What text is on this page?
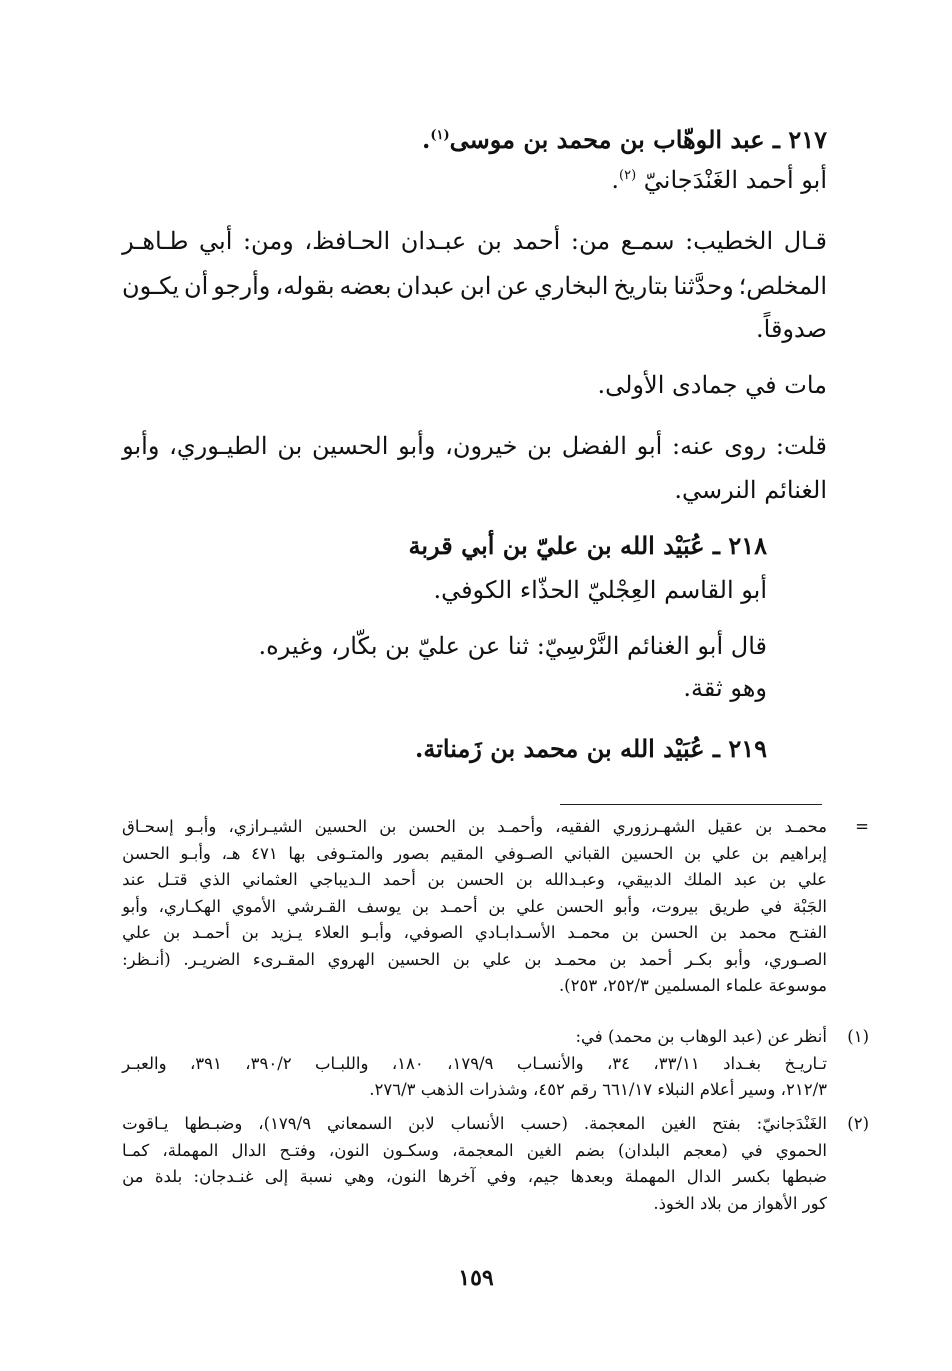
٢١٧ ـ عبد الوهّاب بن محمد بن موسى$^{(١)}$.
أبو أحمد الغَنْدَجانيّ $^{(٢)}$.
قـال
الخطيب:
سمـع
من:
أحمد
بن
عبـدان
الحـافظ،
ومن:
أبي
طـاهـر
المخلص؛
وحدَّثنا
بتاريخ
البخاري
عن
ابن
عبدان
بعضه
بقوله،
وأرجو
أن
يكـون
صدوقاً.
مات في جمادى الأولى.
قلت:
روى
عنه:
أبو
الفضل
بن
خيرون،
وأبو
الحسين
بن
الطيـوري،
وأبو
الغنائم النرسي.
٢١٨ ـ عُبَيْد الله بن عليّ بن أبي قربة
أبو القاسم العِجْليّ الحذّاء الكوفي.
قال أبو الغنائم النَّرْسِيّ: ثنا عن عليّ بن بكّار، وغيره.
وهو ثقة.
٢١٩ ـ عُبَيْد الله بن محمد بن زَمناتة.
=
محمـد
بن
عقيل
الشهـرزوري
الفقيه،
وأحمـد
بن
الحسن
بن
الحسين
الشيـرازي،
وأبـو
إسحـاق
إبراهيم
بن
علي
بن
الحسين
القباني
الصـوفي
المقيم
بصور
والمتـوفى
بها
٤٧١
هـ،
وأبـو
الحسن
علي
بن
عبد
الملك
الدبيقي،
وعبـدالله
بن
الحسن
بن
أحمد
الـديباجي
العثماني
الذي
قتـل
عند
الجَبْة
في
طريق
بيروت،
وأبو
الحسن
علي
بن
أحمـد
بن
يوسف
القـرشي
الأموي
الهكـاري،
وأبو
الفتـح
محمد
بن
الحسن
بن
محمـد
الأسـدابـادي
الصوفي،
وأبـو
العلاء
يـزيد
بن
أحمـد
بن
علي
الصـوري،
وأبو
بكـر
أحمد
بن
محمـد
بن
علي
بن
الحسين
الهروي
المقـرىء
الضريـر.
(أنـظر:
موسوعة علماء المسلمين ٢٥٢/٣، ٢٥٣).
(١)
أنظر عن (عبد الوهاب بن محمد) في:
تـاريـخ
بغـداد
٣٣/١١،
٣٤،
والأنسـاب
١٧٩/٩،
١٨٠،
واللبـاب
٣٩٠/٢،
٣٩١،
والعبـر
٢١٢/٣، وسير أعلام النبلاء ٦٦١/١٧ رقم ٤٥٢، وشذرات الذهب ٢٧٦/٣.
(٢)
الغَنْدَجانيّ:
بفتح
الغين
المعجمة.
(حسب
الأنساب
لابن
السمعاني
١٧٩/٩)،
وضبـطها
يـاقوت
الحموي
في
(معجم
البلدان)
بضم
الغين
المعجمة،
وسكـون
النون،
وفتـح
الدال
المهملة،
كمـا
ضبطها
بكسر
الدال
المهملة
وبعدها
جيم،
وفي
آخرها
النون،
وهي
نسبة
إلى
غنـدجان:
بلدة
من
كور الأهواز من بلاد الخوذ.
١٥٩
